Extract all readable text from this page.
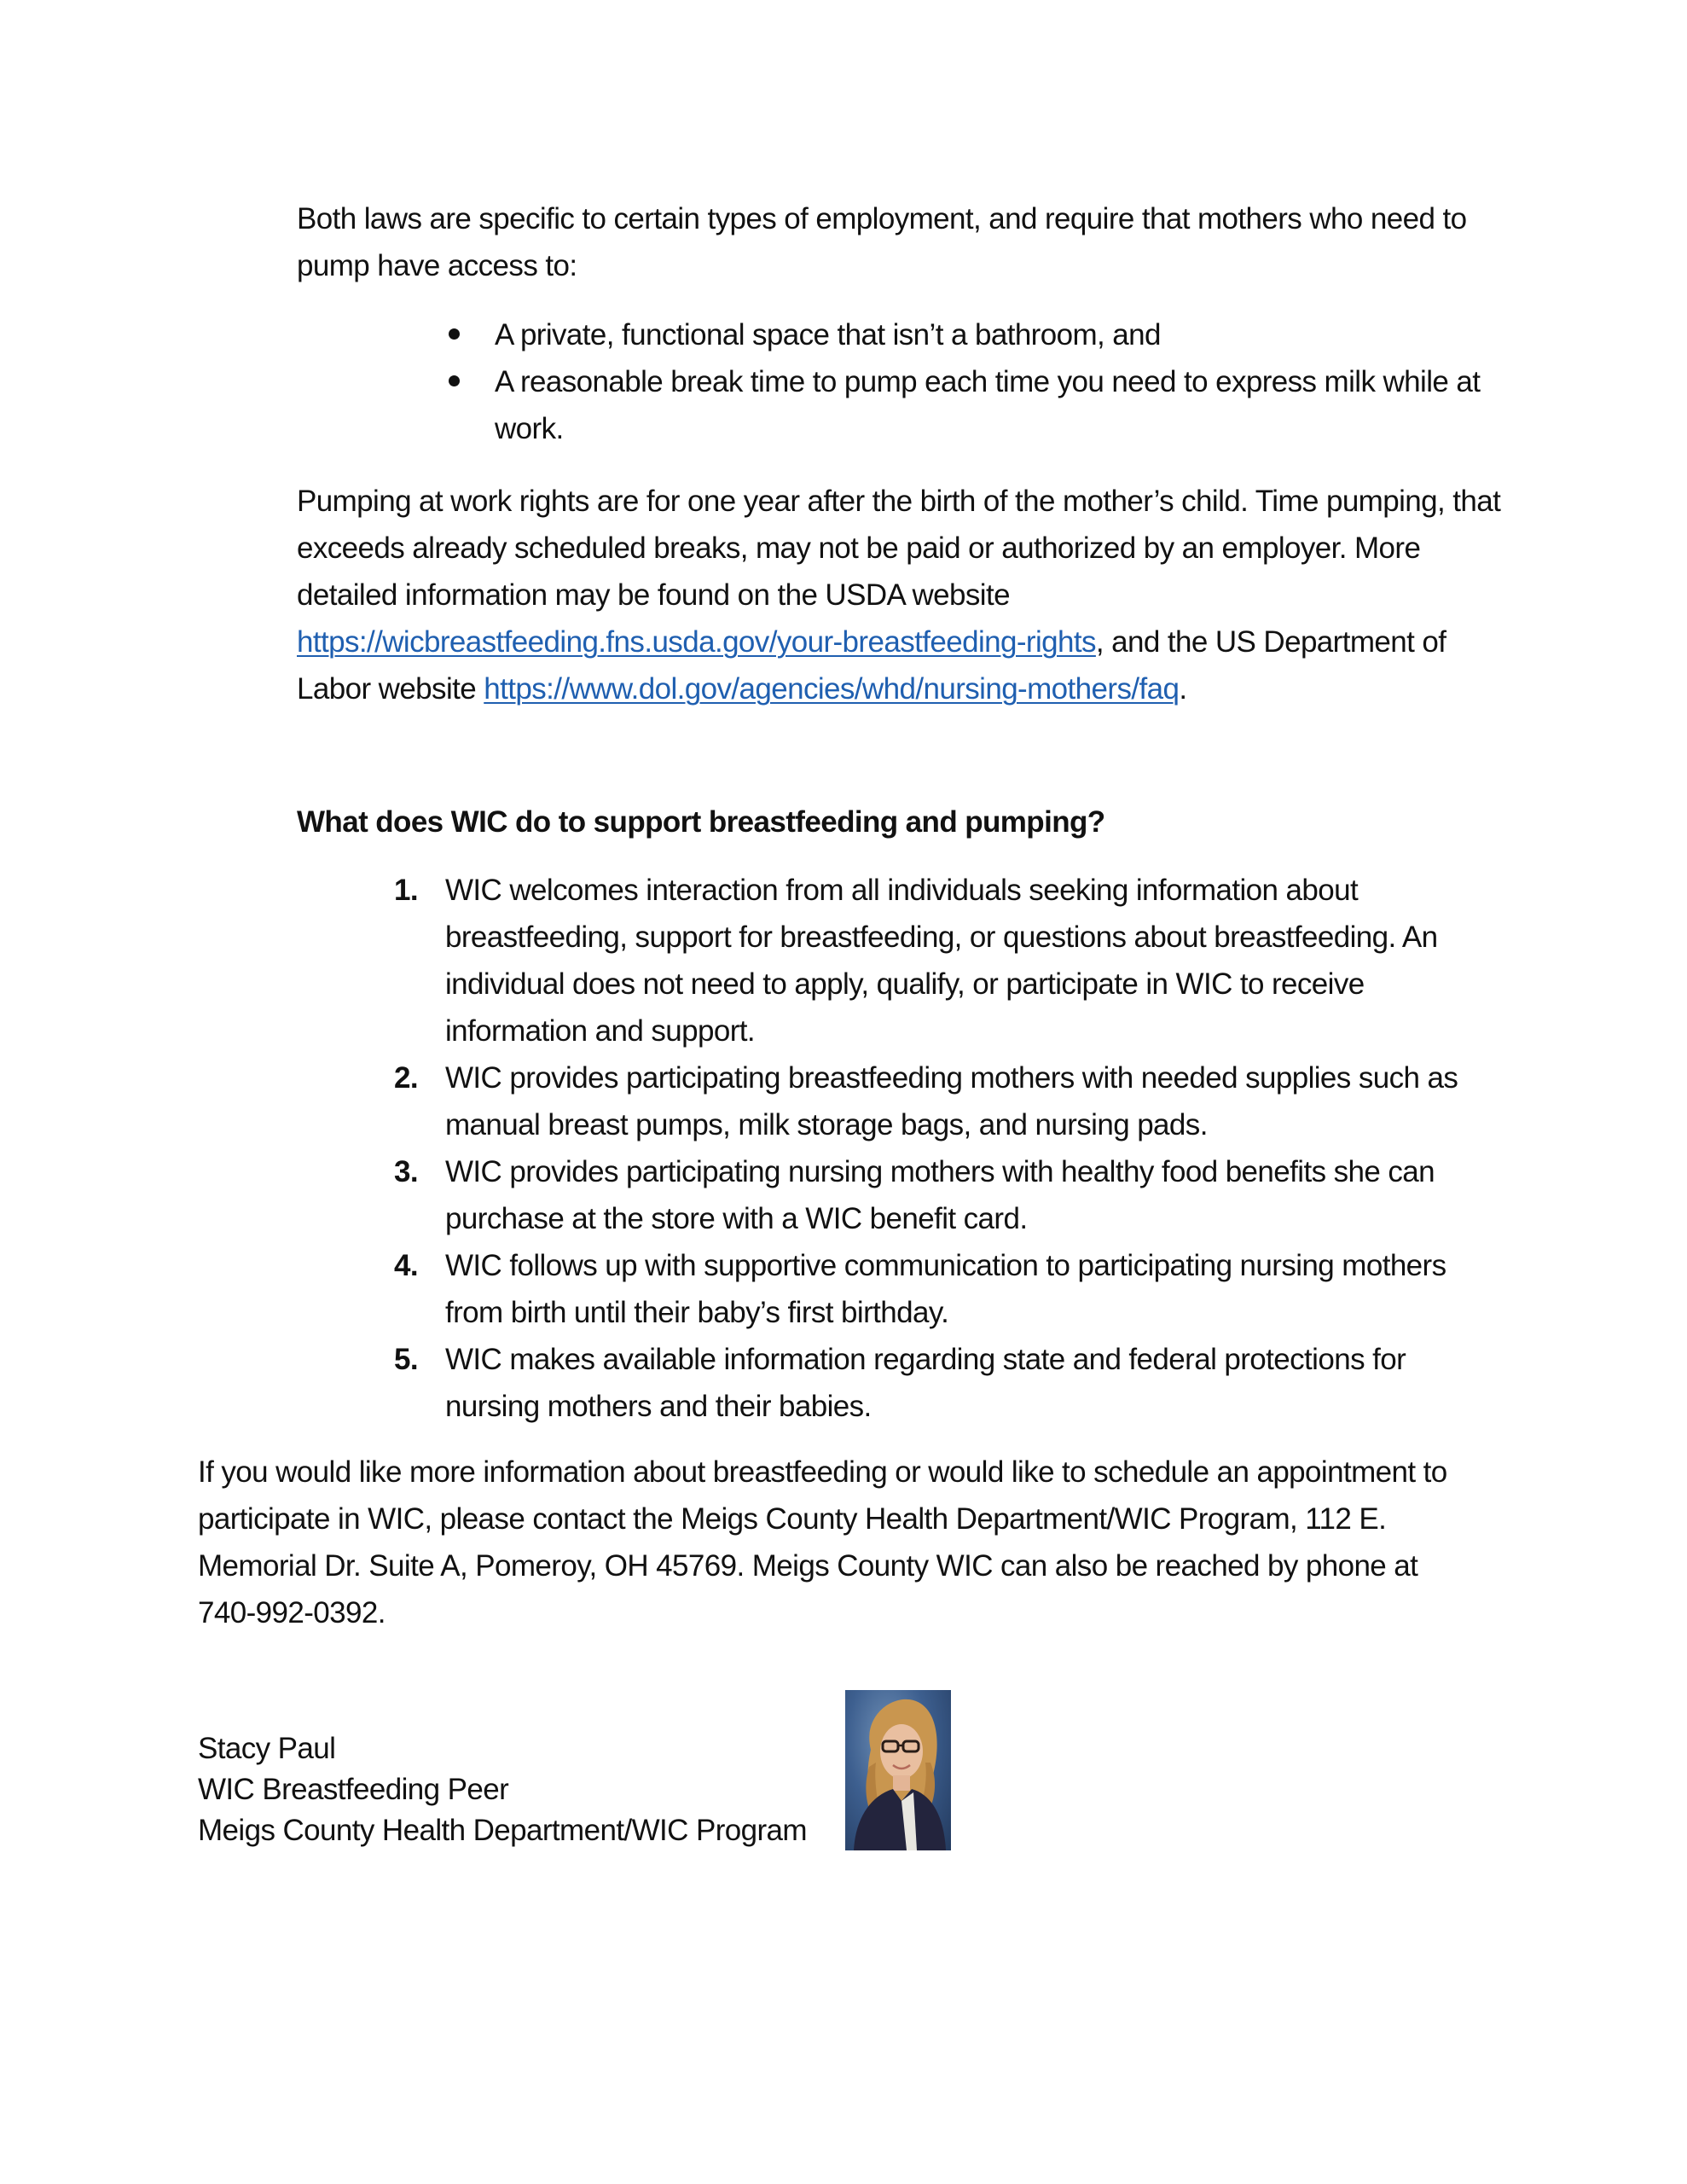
Both laws are specific to certain types of employment, and require that mothers who need to pump have access to:

A private, functional space that isn’t a bathroom, and
A reasonable break time to pump each time you need to express milk while at work.

Pumping at work rights are for one year after the birth of the mother’s child. Time pumping, that exceeds already scheduled breaks, may not be paid or authorized by an employer. More detailed information may be found on the USDA website https://wicbreastfeeding.fns.usda.gov/your-breastfeeding-rights, and the US Department of Labor website https://www.dol.gov/agencies/whd/nursing-mothers/faq.

What does WIC do to support breastfeeding and pumping?
1. WIC welcomes interaction from all individuals seeking information about breastfeeding, support for breastfeeding, or questions about breastfeeding. An individual does not need to apply, qualify, or participate in WIC to receive information and support.
2. WIC provides participating breastfeeding mothers with needed supplies such as manual breast pumps, milk storage bags, and nursing pads.
3. WIC provides participating nursing mothers with healthy food benefits she can purchase at the store with a WIC benefit card.
4. WIC follows up with supportive communication to participating nursing mothers from birth until their baby’s first birthday.
5. WIC makes available information regarding state and federal protections for nursing mothers and their babies.

If you would like more information about breastfeeding or would like to schedule an appointment to participate in WIC, please contact the Meigs County Health Department/WIC Program, 112 E. Memorial Dr. Suite A, Pomeroy, OH 45769. Meigs County WIC can also be reached by phone at 740-992-0392.

Stacy Paul
WIC Breastfeeding Peer
Meigs County Health Department/WIC Program
